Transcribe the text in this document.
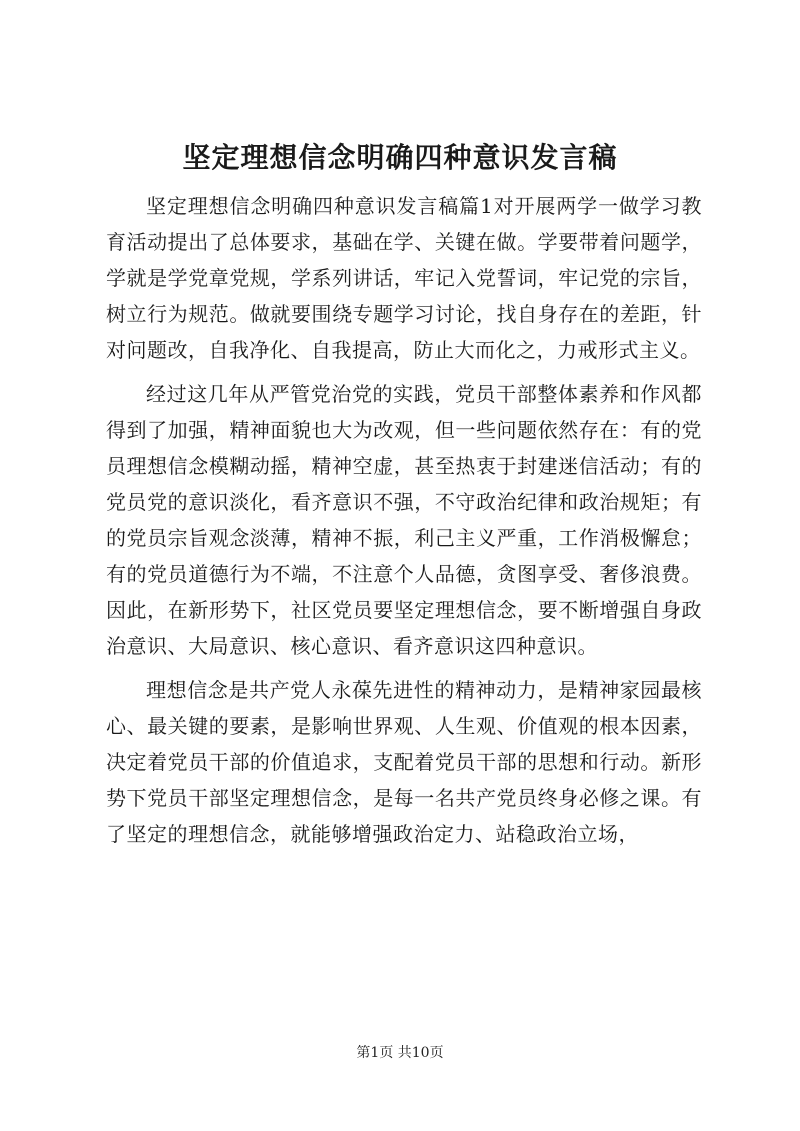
坚定理想信念明确四种意识发言稿

坚定理想信念明确四种意识发言稿篇1对开展两学一做学习教育活动提出了总体要求，基础在学、关键在做。学要带着问题学，学就是学党章党规，学系列讲话，牢记入党誓词，牢记党的宗旨，树立行为规范。做就要围绕专题学习讨论，找自身存在的差距，针对问题改，自我净化、自我提高，防止大而化之，力戒形式主义。

经过这几年从严管党治党的实践，党员干部整体素养和作风都得到了加强，精神面貌也大为改观，但一些问题依然存在：有的党员理想信念模糊动摇，精神空虚，甚至热衷于封建迷信活动；有的党员党的意识淡化，看齐意识不强，不守政治纪律和政治规矩；有的党员宗旨观念淡薄，精神不振，利己主义严重，工作消极懈怠；有的党员道德行为不端，不注意个人品德，贪图享受、奢侈浪费。因此，在新形势下，社区党员要坚定理想信念，要不断增强自身政治意识、大局意识、核心意识、看齐意识这四种意识。

理想信念是共产党人永葆先进性的精神动力，是精神家园最核心、最关键的要素，是影响世界观、人生观、价值观的根本因素，决定着党员干部的价值追求，支配着党员干部的思想和行动。新形势下党员干部坚定理想信念，是每一名共产党员终身必修之课。有了坚定的理想信念，就能够增强政治定力、站稳政治立场，

第1页 共10页
